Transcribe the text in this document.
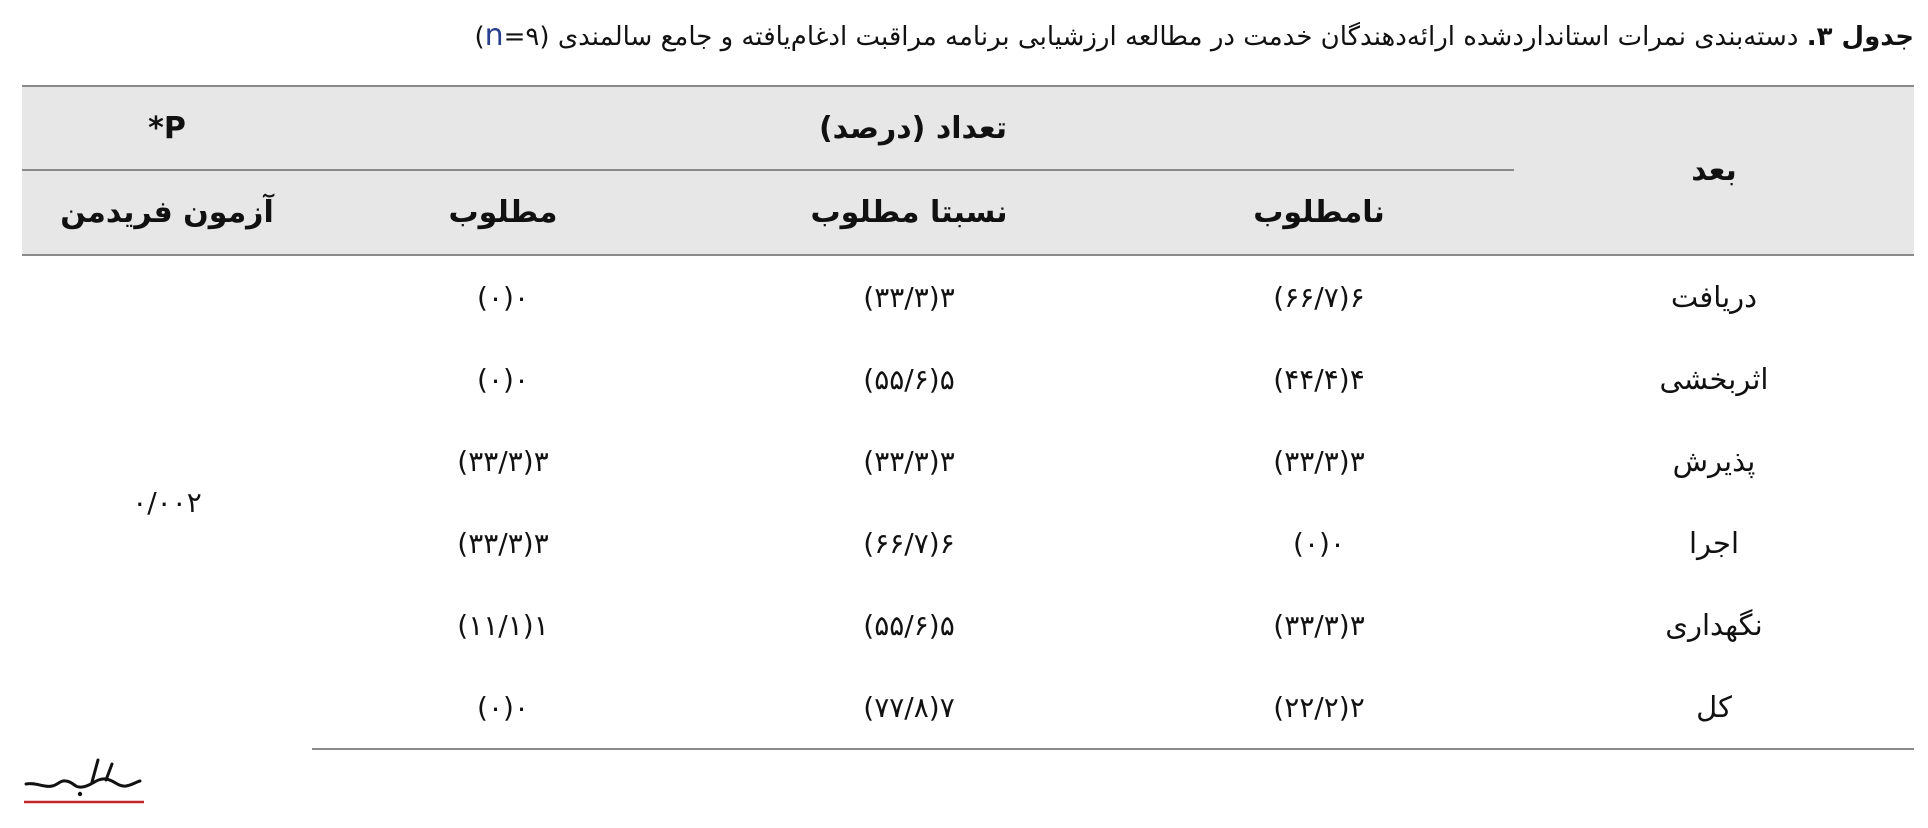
جدول ۳. دسته‌بندی نمرات استانداردشده ارائه‌دهندگان خدمت در مطالعه ارزشیابی برنامه مراقبت ادغام‌یافته و جامع سالمندی (n=۹)
بعد	تعداد (درصد)			P*
	نامطلوب	نسبتا مطلوب	مطلوب	آزمون فریدمن
دریافت	۶(۶۶/۷)	۳(۳۳/۳)	۰(۰)	۰/۰۰۲
اثربخشی	۴(۴۴/۴)	۵(۵۵/۶)	۰(۰)	
پذیرش	۳(۳۳/۳)	۳(۳۳/۳)	۳(۳۳/۳)	
اجرا	۰(۰)	۶(۶۶/۷)	۳(۳۳/۳)	
نگهداری	۳(۳۳/۳)	۵(۵۵/۶)	۱(۱۱/۱)	
کل	۲(۲۲/۲)	۷(۷۷/۸)	۰(۰)	
